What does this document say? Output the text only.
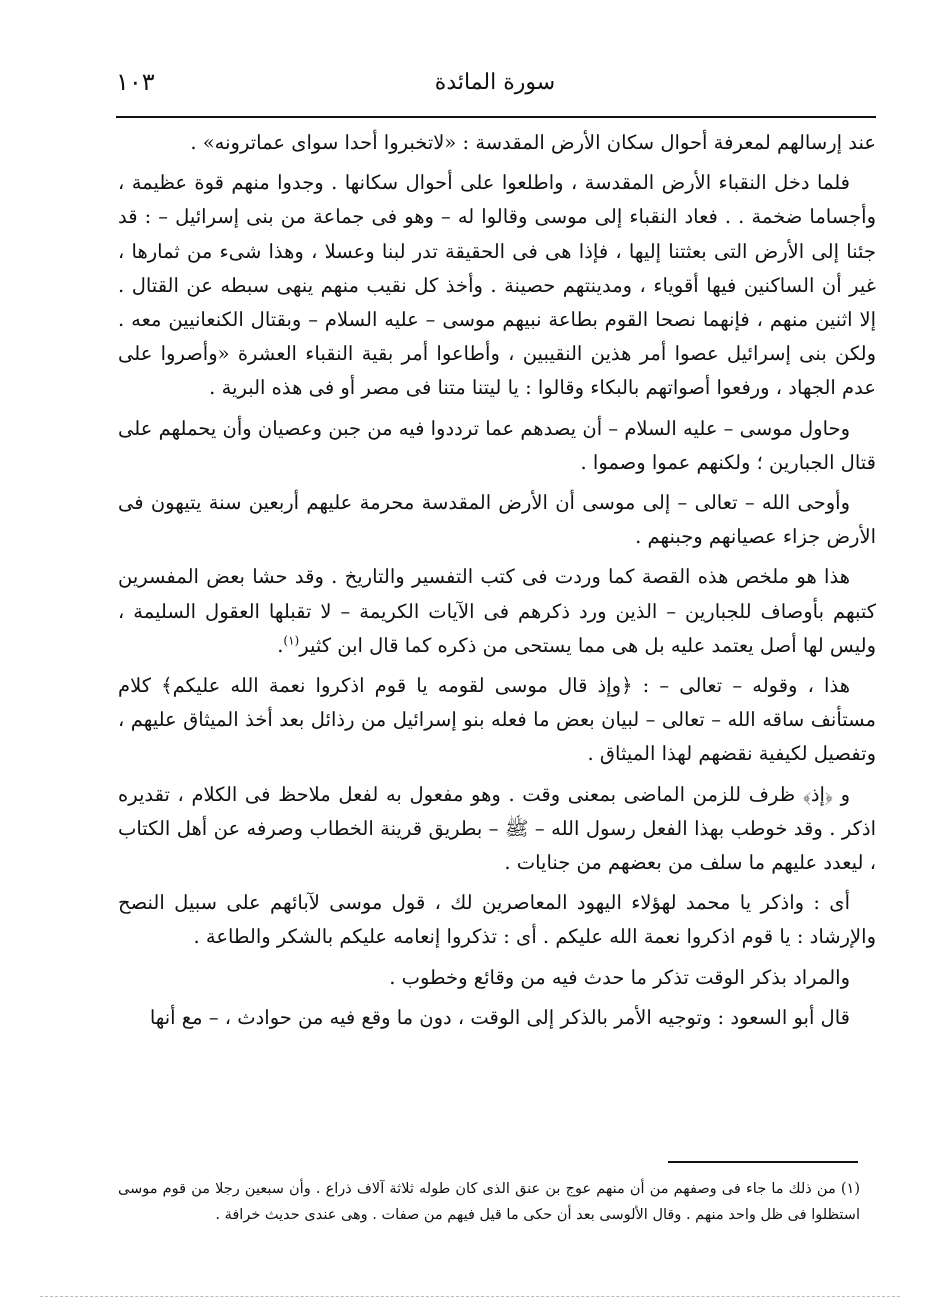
١٠٣	سورة المائدة

عند إرسالهم لمعرفة أحوال سكان الأرض المقدسة : «لاتخبروا أحدا سواى عماترونه» .

فلما دخل النقباء الأرض المقدسة ، واطلعوا على أحوال سكانها . وجدوا منهم قوة عظيمة ، وأجساما ضخمة . . فعاد النقباء إلى موسى وقالوا له – وهو فى جماعة من بنى إسرائيل – : قد جئنا إلى الأرض التى بعثتنا إليها ، فإذا هى فى الحقيقة تدر لبنا وعسلا ، وهذا شىء من ثمارها ، غير أن الساكنين فيها أقوياء ، ومدينتهم حصينة . وأخذ كل نقيب منهم ينهى سبطه عن القتال . إلا اثنين منهم ، فإنهما نصحا القوم بطاعة نبيهم موسى – عليه السلام – وبقتال الكنعانيين معه . ولكن بنى إسرائيل عصوا أمر هذين النقيبين ، وأطاعوا أمر بقية النقباء العشرة «وأصروا على عدم الجهاد ، ورفعوا أصواتهم بالبكاء وقالوا : يا ليتنا متنا فى مصر أو فى هذه البرية .

وحاول موسى – عليه السلام – أن يصدهم عما ترددوا فيه من جبن وعصيان وأن يحملهم على قتال الجبارين ؛ ولكنهم عموا وصموا .

وأوحى الله – تعالى – إلى موسى أن الأرض المقدسة محرمة عليهم أربعين سنة يتيهون فى الأرض جزاء عصيانهم وجبنهم .

هذا هو ملخص هذه القصة كما وردت فى كتب التفسير والتاريخ . وقد حشا بعض المفسرين كتبهم بأوصاف للجبارين – الذين ورد ذكرهم فى الآيات الكريمة – لا تقبلها العقول السليمة ، وليس لها أصل يعتمد عليه بل هى مما يستحى من ذكره كما قال ابن كثير$^{(١)}$.

هذا ، وقوله – تعالى – : ﴿وإذ قال موسى لقومه يا قوم اذكروا نعمة الله عليكم﴾ كلام مستأنف ساقه الله – تعالى – لبيان بعض ما فعله بنو إسرائيل من رذائل بعد أخذ الميثاق عليهم ، وتفصيل لكيفية نقضهم لهذا الميثاق .

و ﴿إذ﴾ ظرف للزمن الماضى بمعنى وقت . وهو مفعول به لفعل ملاحظ فى الكلام ، تقديره اذكر . وقد خوطب بهذا الفعل رسول الله – ﷺ – بطريق قرينة الخطاب وصرفه عن أهل الكتاب ، ليعدد عليهم ما سلف من بعضهم من جنايات .

أى : واذكر يا محمد لهؤلاء اليهود المعاصرين لك ، قول موسى لآبائهم على سبيل النصح والإرشاد : يا قوم اذكروا نعمة الله عليكم . أى : تذكروا إنعامه عليكم بالشكر والطاعة .

والمراد بذكر الوقت تذكر ما حدث فيه من وقائع وخطوب .

قال أبو السعود : وتوجيه الأمر بالذكر إلى الوقت ، دون ما وقع فيه من حوادث ، – مع أنها

(١) من ذلك ما جاء فى وصفهم من أن منهم عوج بن عنق الذى كان طوله ثلاثة آلاف ذراع . وأن سبعين رجلا من قوم موسى استظلوا فى ظل واحد منهم . وقال الألوسى بعد أن حكى ما قيل فيهم من صفات . وهى عندى حديث خرافة .
